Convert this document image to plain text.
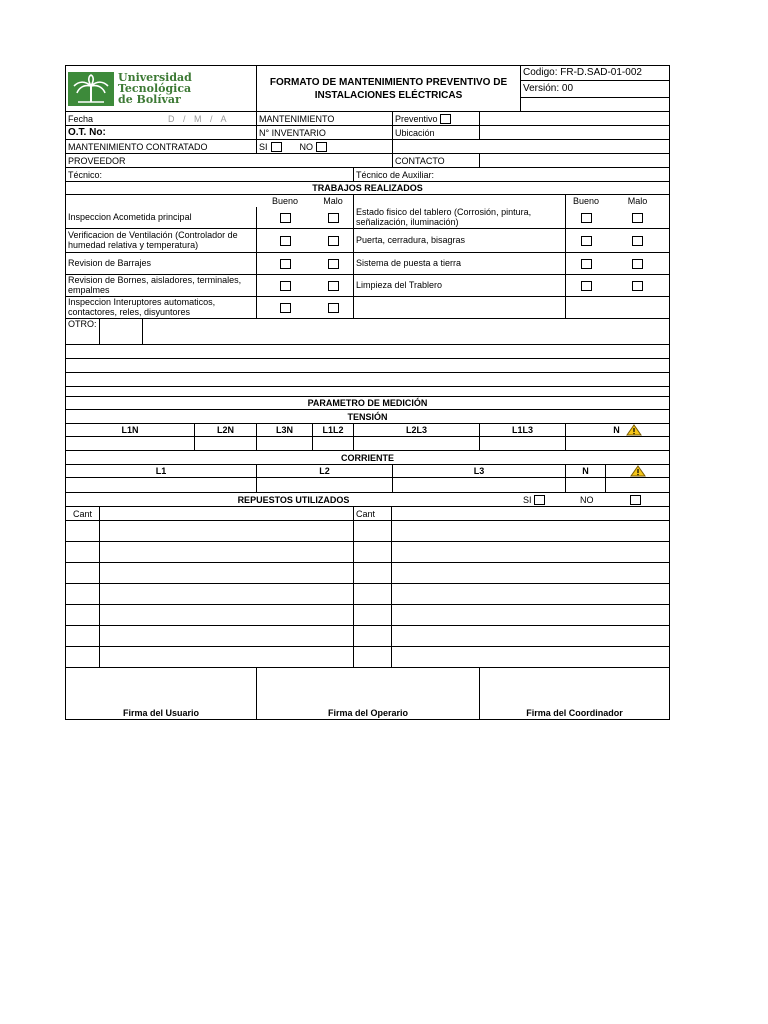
Universidad
Tecnológica
de Bolívar
FORMATO DE MANTENIMIENTO PREVENTIVO DE
INSTALACIONES ELÉCTRICAS
Codigo: FR-D.SAD-01-002
Versión: 00
Fecha	D / M / A	MANTENIMIENTO	Preventivo
O.T. No:	N° INVENTARIO	Ubicación
MANTENIMIENTO CONTRATADO	SI	NO
PROVEEDOR	CONTACTO
Técnico:	Técnico de Auxiliar:
TRABAJOS REALIZADOS
Bueno	Malo	Bueno	Malo
Inspeccion Acometida principal	Estado fisico del tablero (Corrosión, pintura, señalización, iluminación)
Verificacion de Ventilación (Controlador de humedad relativa y temperatura)	Puerta, cerradura, bisagras
Revision de Barrajes	Sistema de puesta a tierra
Revision de Bornes, aisladores, terminales, empalmes	Limpieza del Trablero
Inspeccion Interuptores automaticos, contactores, reles, disyuntores
OTRO:
PARAMETRO DE MEDICIÓN
TENSIÓN
L1N	L2N	L3N	L1L2	L2L3	L1L3	N
CORRIENTE
L1	L2	L3	N
REPUESTOS UTILIZADOS	SI	NO
Cant	Cant
Firma del Usuario	Firma del Operario	Firma del Coordinador
